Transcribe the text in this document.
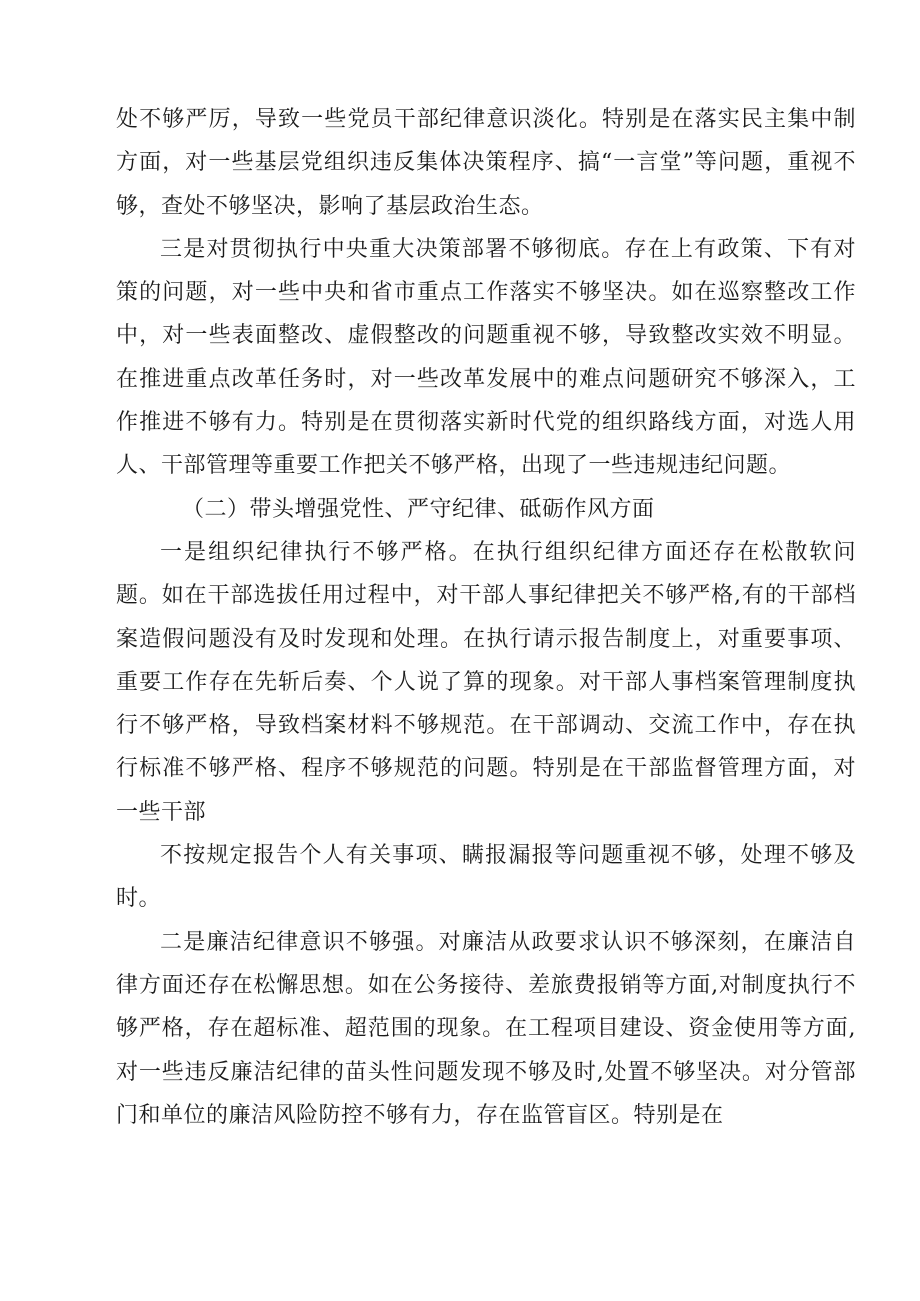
处不够严厉，导致一些党员干部纪律意识淡化。特别是在落实民主集中制方面，对一些基层党组织违反集体决策程序、搞“一言堂”等问题，重视不够，查处不够坚决，影响了基层政治生态。

三是对贯彻执行中央重大决策部署不够彻底。存在上有政策、下有对策的问题，对一些中央和省市重点工作落实不够坚决。如在巡察整改工作中，对一些表面整改、虚假整改的问题重视不够，导致整改实效不明显。在推进重点改革任务时，对一些改革发展中的难点问题研究不够深入，工作推进不够有力。特别是在贯彻落实新时代党的组织路线方面，对选人用人、干部管理等重要工作把关不够严格，出现了一些违规违纪问题。

（二）带头增强党性、严守纪律、砥砺作风方面

一是组织纪律执行不够严格。在执行组织纪律方面还存在松散软问题。如在干部选拔任用过程中，对干部人事纪律把关不够严格,有的干部档案造假问题没有及时发现和处理。在执行请示报告制度上，对重要事项、重要工作存在先斩后奏、个人说了算的现象。对干部人事档案管理制度执行不够严格，导致档案材料不够规范。在干部调动、交流工作中，存在执行标准不够严格、程序不够规范的问题。特别是在干部监督管理方面，对一些干部

不按规定报告个人有关事项、瞒报漏报等问题重视不够，处理不够及时。

二是廉洁纪律意识不够强。对廉洁从政要求认识不够深刻，在廉洁自律方面还存在松懈思想。如在公务接待、差旅费报销等方面,对制度执行不够严格，存在超标准、超范围的现象。在工程项目建设、资金使用等方面,对一些违反廉洁纪律的苗头性问题发现不够及时,处置不够坚决。对分管部门和单位的廉洁风险防控不够有力，存在监管盲区。特别是在
